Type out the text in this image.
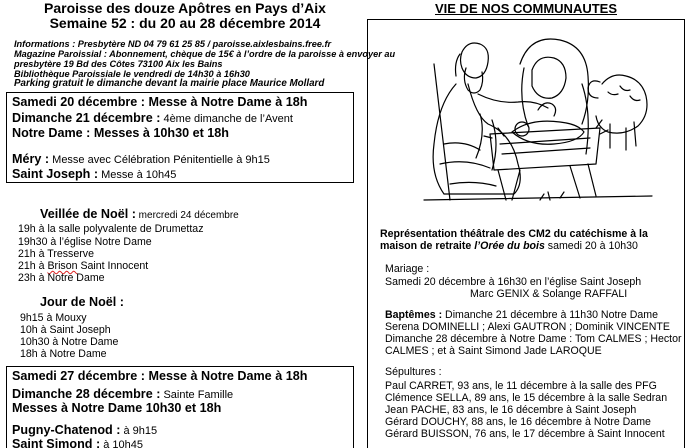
Paroisse des douze Apôtres en Pays d’Aix
Semaine 52 : du 20 au 28 décembre 2014
Informations : Presbytère ND 04 79 61 25 85 / paroisse.aixlesbains.free.fr
Magazine Paroissial : Abonnement, chèque de 15€ à l’ordre de la paroisse à envoyer au
presbytère 19 Bd des Côtes 73100 Aix les Bains
Bibliothèque Paroissiale le vendredi de 14h30 à 16h30
Parking gratuit le dimanche devant la mairie place Maurice Mollard
Samedi 20 décembre : Messe à Notre Dame à 18h
Dimanche 21 décembre : 4ème dimanche de l’Avent
Notre Dame : Messes à 10h30 et 18h
Méry : Messe avec Célébration Pénitentielle à 9h15
Saint Joseph : Messe à 10h45
Veillée de Noël : mercredi 24 décembre
19h à la salle polyvalente de Drumettaz
19h30 à l’église Notre Dame
21h à Tresserve
21h à Brison Saint Innocent
23h à Notre Dame
Jour de Noël :
9h15 à Mouxy
10h à Saint Joseph
10h30 à Notre Dame
18h à Notre Dame
Samedi 27 décembre : Messe à Notre Dame à 18h
Dimanche 28 décembre : Sainte Famille
Messes à Notre Dame 10h30 et 18h
Pugny-Chatenod : à 9h15
Saint Simond : à 10h45
VIE DE NOS COMMUNAUTES
Représentation théâtrale des CM2 du catéchisme à la
maison de retraite l’Orée du bois samedi 20 à 10h30
Mariage :
Samedi 20 décembre à 16h30 en l’église Saint Joseph
Marc GENIX & Solange RAFFALI
Baptêmes : Dimanche 21 décembre à 11h30 Notre Dame
Serena DOMINELLI ; Alexi GAUTRON ; Dominik VINCENTE
Dimanche 28 décembre à Notre Dame : Tom CALMES ; Hector
CALMES ; et à Saint Simond Jade LAROQUE
Sépultures :
Paul CARRET, 93 ans, le 11 décembre à la salle des PFG
Clémence SELLA, 89 ans, le 15 décembre à la salle Sedran
Jean PACHE, 83 ans, le 16 décembre à Saint Joseph
Gérard DOUCHY, 88 ans, le 16 décembre à Notre Dame
Gérard BUISSON, 76 ans, le 17 décembre à Saint Innocent
